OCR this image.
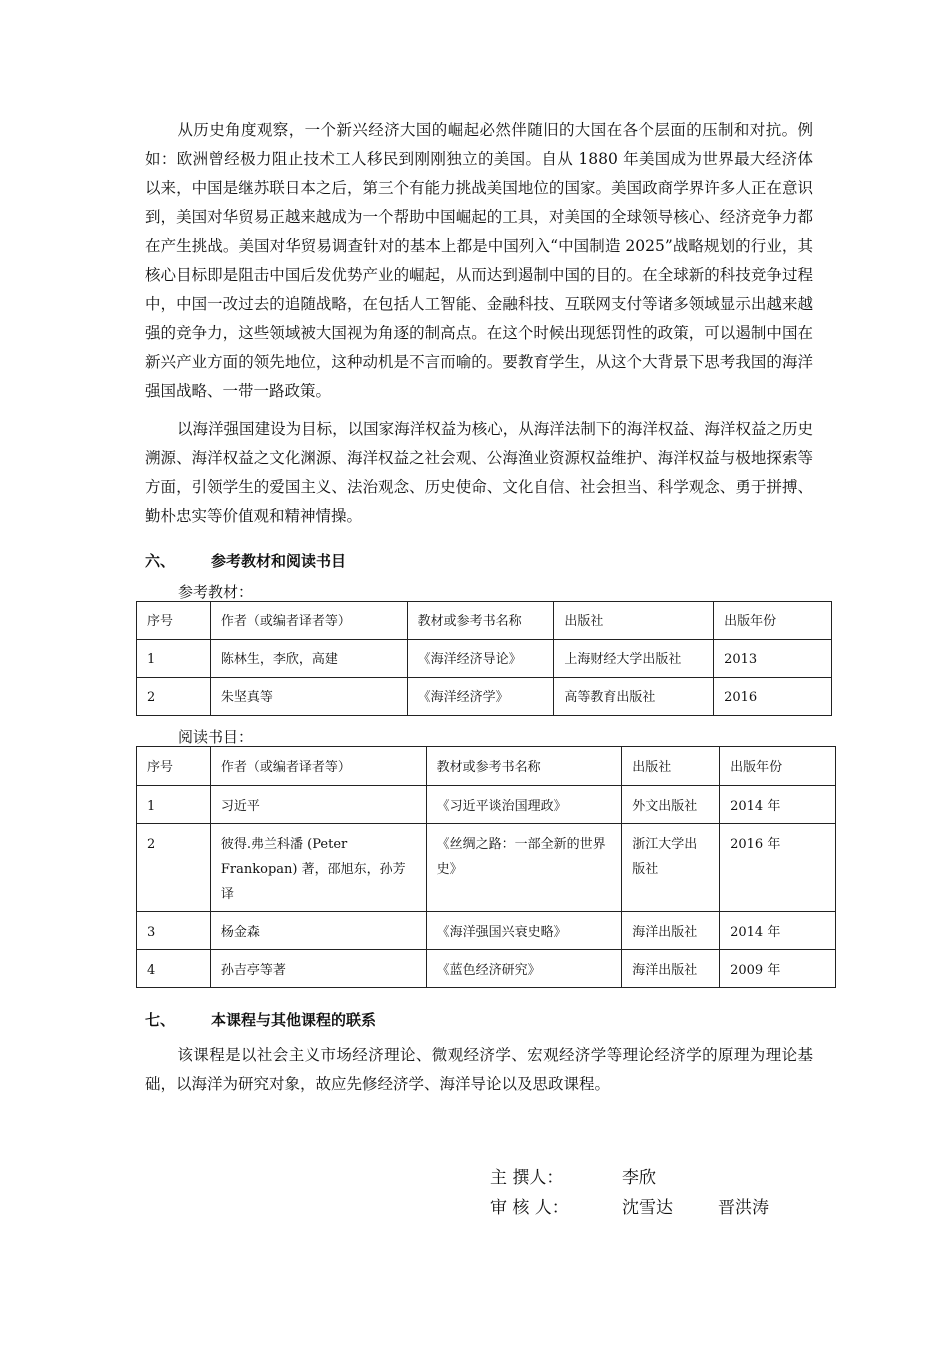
从历史角度观察，一个新兴经济大国的崛起必然伴随旧的大国在各个层面的压制和对抗。例如：欧洲曾经极力阻止技术工人移民到刚刚独立的美国。自从 1880 年美国成为世界最大经济体以来，中国是继苏联日本之后，第三个有能力挑战美国地位的国家。美国政商学界许多人正在意识到，美国对华贸易正越来越成为一个帮助中国崛起的工具，对美国的全球领导核心、经济竞争力都在产生挑战。美国对华贸易调查针对的基本上都是中国列入“中国制造 2025”战略规划的行业，其核心目标即是阻击中国后发优势产业的崛起，从而达到遏制中国的目的。在全球新的科技竞争过程中，中国一改过去的追随战略，在包括人工智能、金融科技、互联网支付等诸多领域显示出越来越强的竞争力，这些领域被大国视为角逐的制高点。在这个时候出现惩罚性的政策，可以遏制中国在新兴产业方面的领先地位，这种动机是不言而喻的。要教育学生，从这个大背景下思考我国的海洋强国战略、一带一路政策。

以海洋强国建设为目标，以国家海洋权益为核心，从海洋法制下的海洋权益、海洋权益之历史溯源、海洋权益之文化渊源、海洋权益之社会观、公海渔业资源权益维护、海洋权益与极地探索等方面，引领学生的爱国主义、法治观念、历史使命、文化自信、社会担当、科学观念、勇于拼搏、勤朴忠实等价值观和精神情操。

六、 参考教材和阅读书目

参考教材：

序号	作者（或编者译者等）	教材或参考书名称	出版社	出版年份
1	陈林生，李欣，高建	《海洋经济导论》	上海财经大学出版社	2013
2	朱坚真等	《海洋经济学》	高等教育出版社	2016

阅读书目：

序号	作者（或编者译者等）	教材或参考书名称	出版社	出版年份
1	习近平	《习近平谈治国理政》	外文出版社	2014 年
2	彼得.弗兰科潘 (Peter Frankopan) 著，邵旭东，孙芳译	《丝绸之路：一部全新的世界史》	浙江大学出版社	2016 年
3	杨金森	《海洋强国兴衰史略》	海洋出版社	2014 年
4	孙吉亭等著	《蓝色经济研究》	海洋出版社	2009 年

七、 本课程与其他课程的联系

该课程是以社会主义市场经济理论、微观经济学、宏观经济学等理论经济学的原理为理论基础，以海洋为研究对象，故应先修经济学、海洋导论以及思政课程。

主 撰人：	李欣

审 核 人：	沈雪达	晋洪涛
